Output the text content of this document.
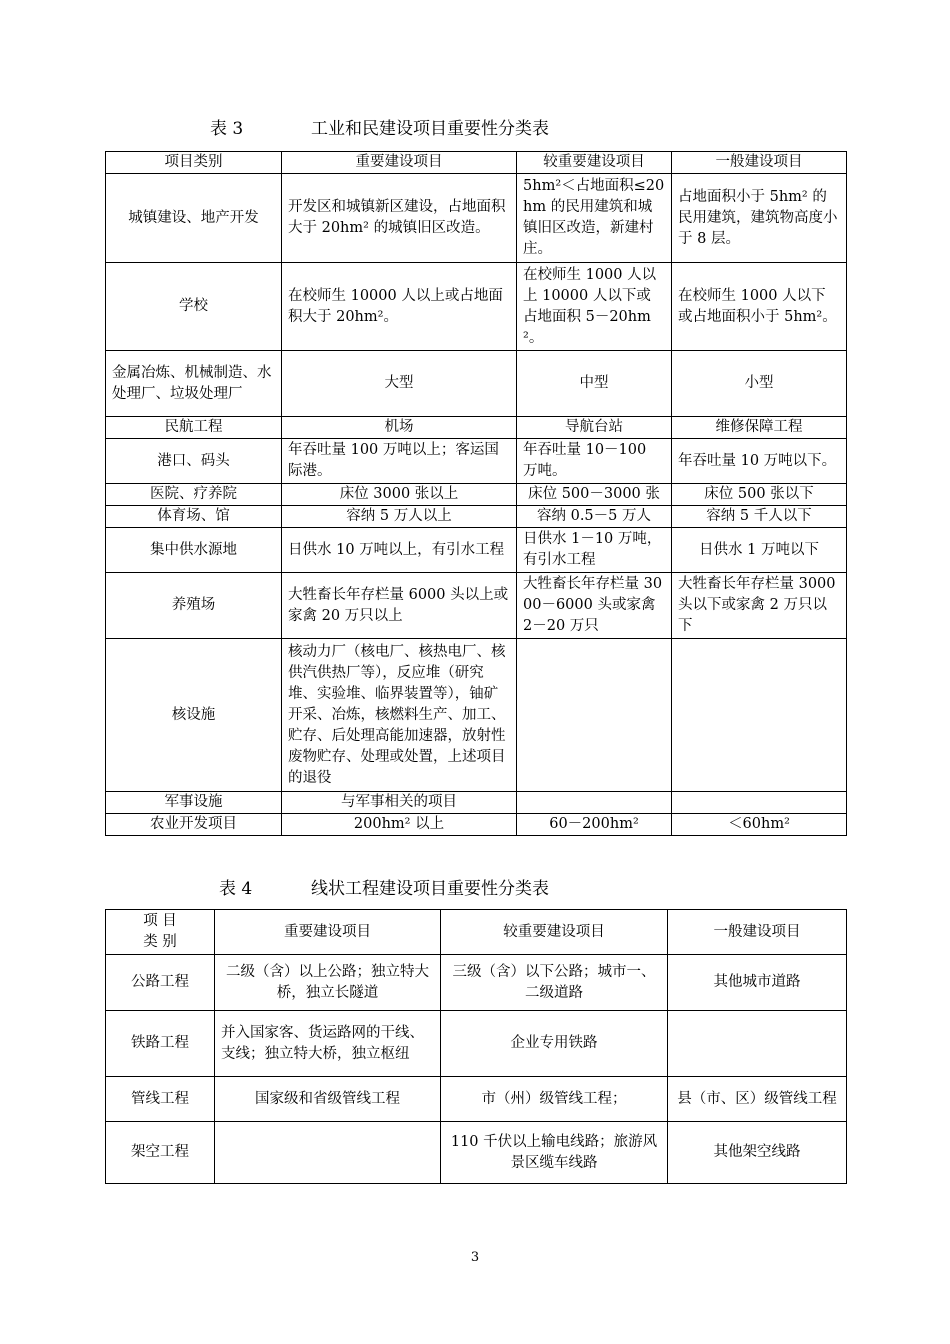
表 3	工业和民建设项目重要性分类表
项目类别	重要建设项目	较重要建设项目	一般建设项目
城镇建设、地产开发	开发区和城镇新区建设，占地面积大于 20hm² 的城镇旧区改造。	5hm²＜占地面积≤20hm 的民用建筑和城镇旧区改造，新建村庄。	占地面积小于 5hm² 的民用建筑，建筑物高度小于 8 层。
学校	在校师生 10000 人以上或占地面积大于 20hm²。	在校师生 1000 人以上 10000 人以下或占地面积 5－20hm²。	在校师生 1000 人以下或占地面积小于 5hm²。
金属冶炼、机械制造、水处理厂、垃圾处理厂	大型	中型	小型
民航工程	机场	导航台站	维修保障工程
港口、码头	年吞吐量 100 万吨以上；客运国际港。	年吞吐量 10－100 万吨。	年吞吐量 10 万吨以下。
医院、疗养院	床位 3000 张以上	床位 500－3000 张	床位 500 张以下
体育场、馆	容纳 5 万人以上	容纳 0.5－5 万人	容纳 5 千人以下
集中供水源地	日供水 10 万吨以上，有引水工程	日供水 1－10 万吨，有引水工程	日供水 1 万吨以下
养殖场	大牲畜长年存栏量 6000 头以上或家禽 20 万只以上	大牲畜长年存栏量 3000－6000 头或家禽 2－20 万只	大牲畜长年存栏量 3000 头以下或家禽 2 万只以下
核设施	核动力厂（核电厂、核热电厂、核供汽供热厂等），反应堆（研究堆、实验堆、临界装置等），铀矿开采、冶炼，核燃料生产、加工、贮存、后处理高能加速器，放射性废物贮存、处理或处置，上述项目的退役		
军事设施	与军事相关的项目		
农业开发项目	200hm² 以上	60－200hm²	＜60hm²
表 4	线状工程建设项目重要性分类表
项 目 类 别	重要建设项目	较重要建设项目	一般建设项目
公路工程	二级（含）以上公路；独立特大桥，独立长隧道	三级（含）以下公路；城市一、二级道路	其他城市道路
铁路工程	并入国家客、货运路网的干线、支线；独立特大桥，独立枢纽	企业专用铁路	
管线工程	国家级和省级管线工程	市（州）级管线工程；	县（市、区）级管线工程
架空工程		110 千伏以上输电线路；旅游风景区缆车线路	其他架空线路
3
